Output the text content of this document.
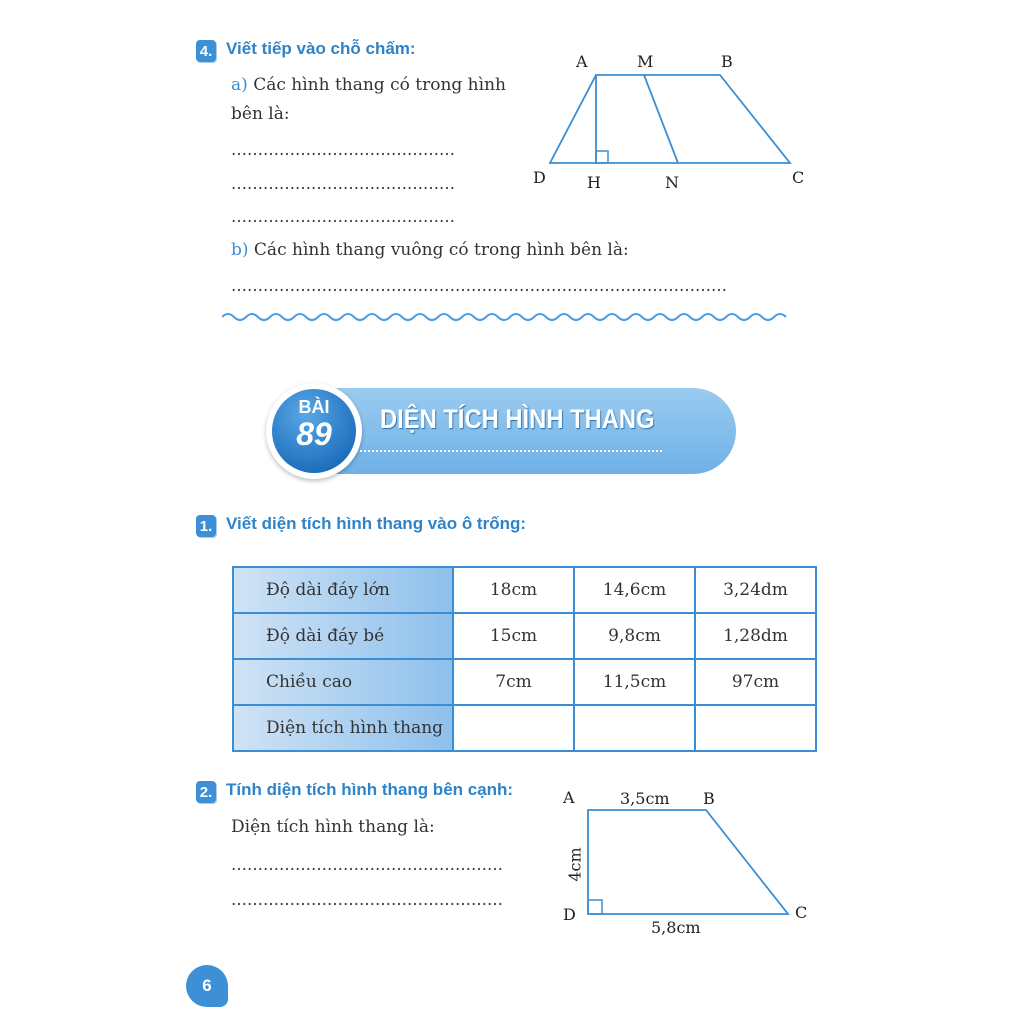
4. Viết tiếp vào chỗ chấm:
a) Các hình thang có trong hình
bên là:
……………………………………
……………………………………
……………………………………
b) Các hình thang vuông có trong hình bên là:
…………………………………………………………………………………
A	M	B
D	H	N	C
DIỆN TÍCH HÌNH THANG
BÀI
89
1. Viết diện tích hình thang vào ô trống:
Độ dài đáy lớn	18cm	14,6cm	3,24dm
Độ dài đáy bé	15cm	9,8cm	1,28dm
Chiều cao	7cm	11,5cm	97cm
Diện tích hình thang			
2. Tính diện tích hình thang bên cạnh:
Diện tích hình thang là:
……………………………………………
……………………………………………
A	B
D	C
3,5cm
5,8cm
4cm
6
